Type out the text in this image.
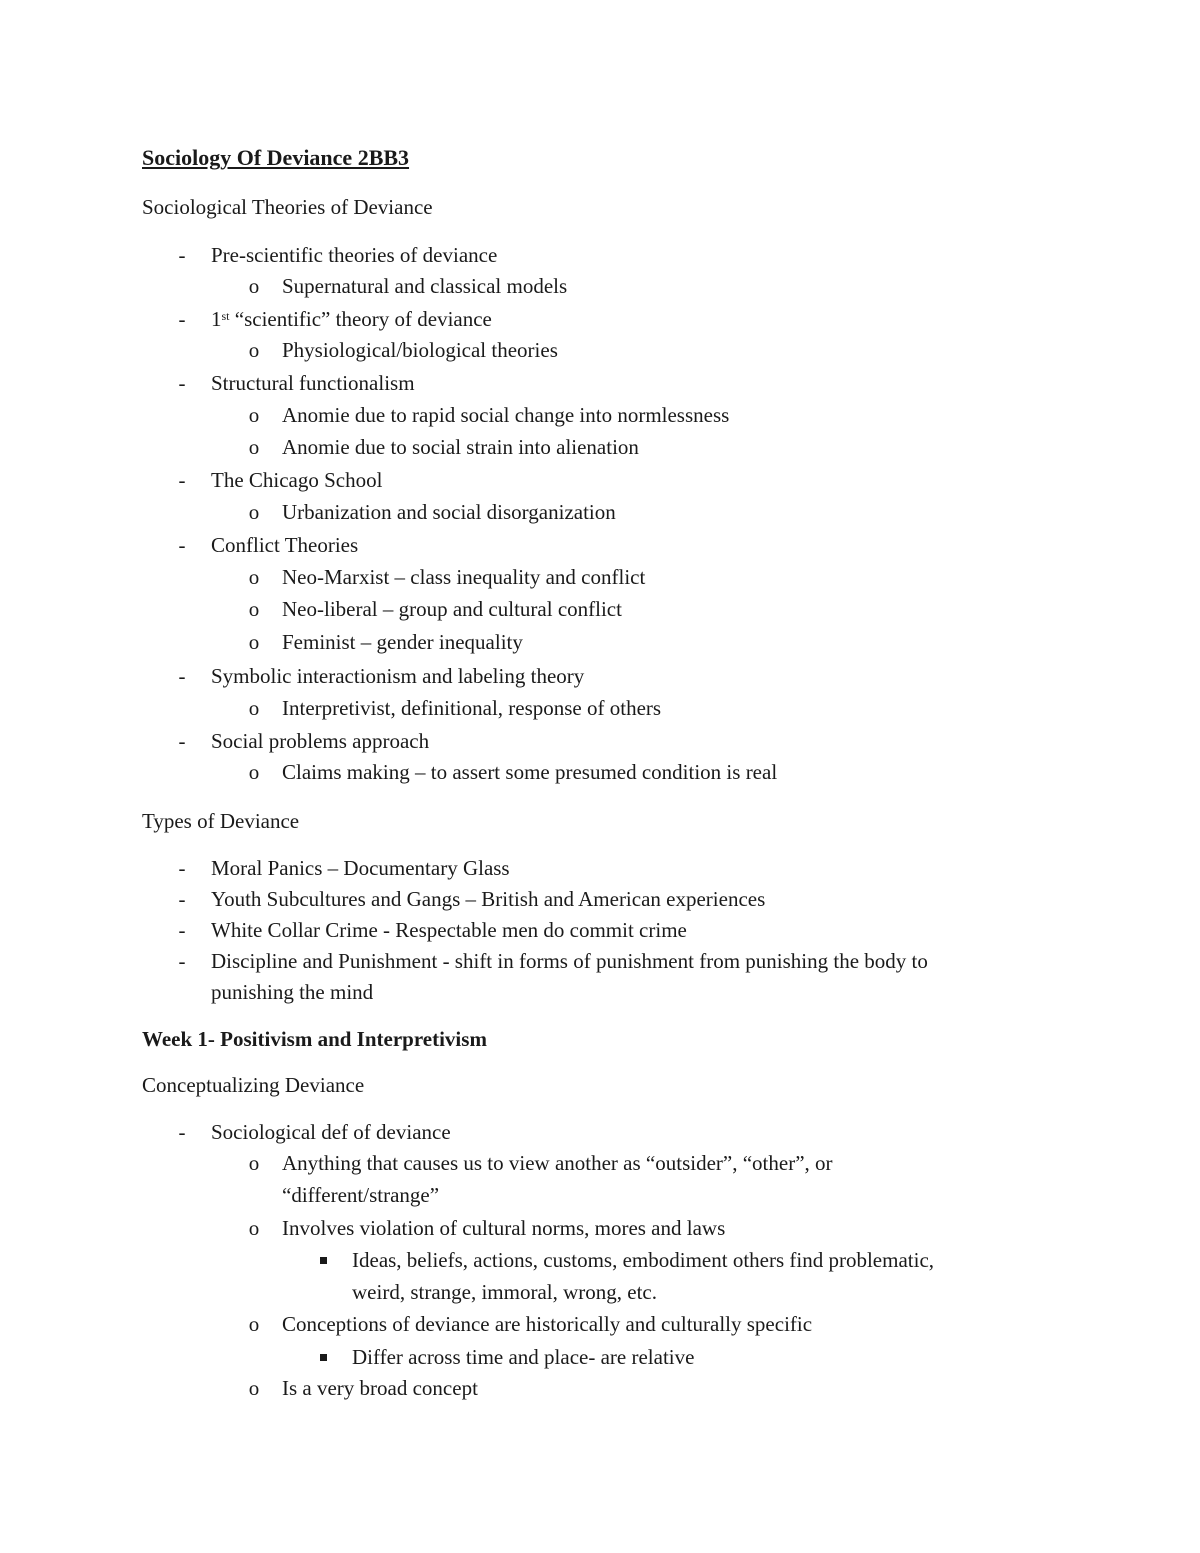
Sociology Of Deviance 2BB3
Sociological Theories of Deviance
-	Pre-scientific theories of deviance
o Supernatural and classical models
-	1st “scientific” theory of deviance
o Physiological/biological theories
-	Structural functionalism
o Anomie due to rapid social change into normlessness
o Anomie due to social strain into alienation
-	The Chicago School
o Urbanization and social disorganization
-	Conflict Theories
o Neo-Marxist – class inequality and conflict
o Neo-liberal – group and cultural conflict
o Feminist – gender inequality
-	Symbolic interactionism and labeling theory
o Interpretivist, definitional, response of others
-	Social problems approach
o Claims making – to assert some presumed condition is real
Types of Deviance
-	Moral Panics – Documentary Glass
-	Youth Subcultures and Gangs – British and American experiences
-	White Collar Crime - Respectable men do commit crime
-	Discipline and Punishment - shift in forms of punishment from punishing the body to
punishing the mind
Week 1- Positivism and Interpretivism
Conceptualizing Deviance
-	Sociological def of deviance
o Anything that causes us to view another as “outsider”, “other”, or
“different/strange”
o Involves violation of cultural norms, mores and laws
Ideas, beliefs, actions, customs, embodiment others find problematic,
weird, strange, immoral, wrong, etc.
o Conceptions of deviance are historically and culturally specific
Differ across time and place- are relative
o Is a very broad concept
